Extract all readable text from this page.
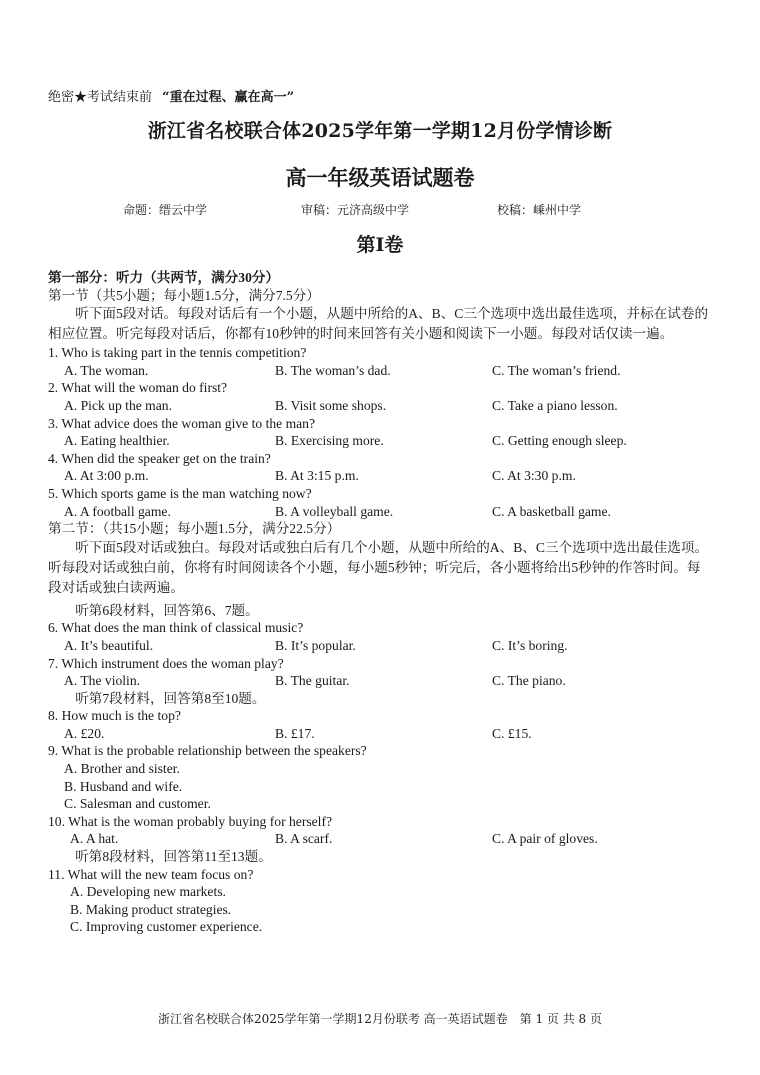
绝密★考试结束前 “重在过程、赢在高一”
浙江省名校联合体2025学年第一学期12月份学情诊断
高一年级英语试题卷
命题：缙云中学	审稿：元济高级中学	校稿：嵊州中学
第Ⅰ卷
第一部分：听力（共两节，满分30分）
第一节（共5小题；每小题1.5分，满分7.5分）
听下面5段对话。每段对话后有一个小题，从题中所给的A、B、C三个选项中选出最佳选项，并标在试卷的相应位置。听完每段对话后，你都有10秒钟的时间来回答有关小题和阅读下一小题。每段对话仅读一遍。
1. Who is taking part in the tennis competition?
A. The woman.	B. The woman’s dad.	C. The woman’s friend.
2. What will the woman do first?
A. Pick up the man.	B. Visit some shops.	C. Take a piano lesson.
3. What advice does the woman give to the man?
A. Eating healthier.	B. Exercising more.	C. Getting enough sleep.
4. When did the speaker get on the train?
A. At 3:00 p.m.	B. At 3:15 p.m.	C. At 3:30 p.m.
5. Which sports game is the man watching now?
A. A football game.	B. A volleyball game.	C. A basketball game.
第二节：（共15小题；每小题1.5分，满分22.5分）
听下面5段对话或独白。每段对话或独白后有几个小题，从题中所给的A、B、C三个选项中选出最佳选项。听每段对话或独白前，你将有时间阅读各个小题，每小题5秒钟；听完后，各小题将给出5秒钟的作答时间。每段对话或独白读两遍。
听第6段材料，回答第6、7题。
6. What does the man think of classical music?
A. It’s beautiful.	B. It’s popular.	C. It’s boring.
7. Which instrument does the woman play?
A. The violin.	B. The guitar.	C. The piano.
听第7段材料，回答第8至10题。
8. How much is the top?
A. £20.	B. £17.	C. £15.
9. What is the probable relationship between the speakers?
A. Brother and sister.
B. Husband and wife.
C. Salesman and customer.
10. What is the woman probably buying for herself?
A. A hat.	B. A scarf.	C. A pair of gloves.
听第8段材料，回答第11至13题。
11. What will the new team focus on?
A. Developing new markets.
B. Making product strategies.
C. Improving customer experience.
浙江省名校联合体2025学年第一学期12月份联考 高一英语试题卷　第 1 页 共 8 页
